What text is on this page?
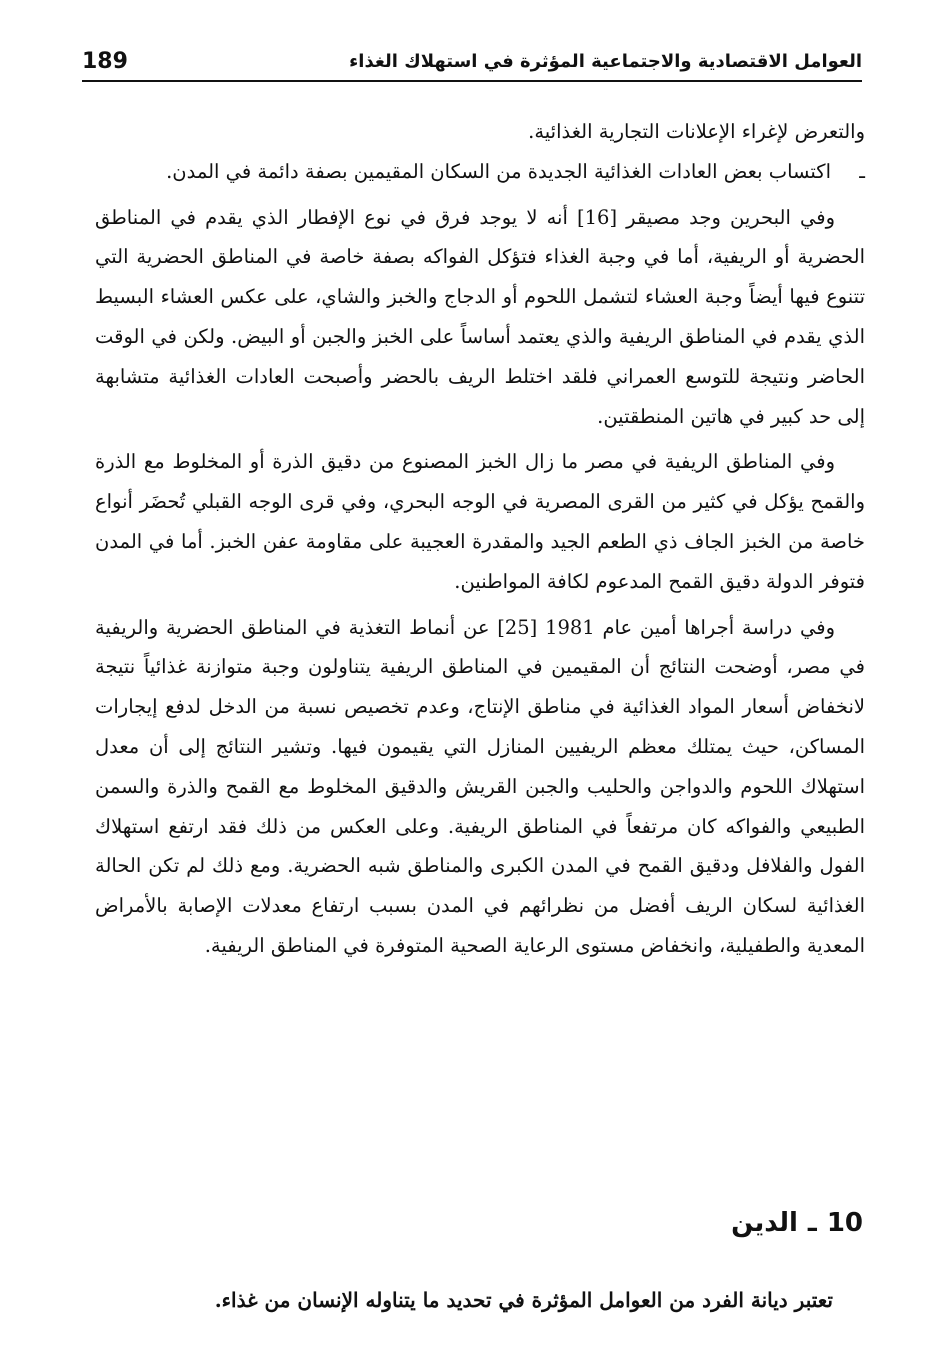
العوامل الاقتصادية والاجتماعية المؤثرة في استهلاك الغذاء
189

والتعرض لإغراء الإعلانات التجارية الغذائية.

ـاكتساب بعض العادات الغذائية الجديدة من السكان المقيمين بصفة دائمة في المدن.

وفي البحرين وجد مصيقر [16] أنه لا يوجد فرق في نوع الإفطار الذي يقدم في المناطق الحضرية أو الريفية، أما في وجبة الغذاء فتؤكل الفواكه بصفة خاصة في المناطق الحضرية التي تتنوع فيها أيضاً وجبة العشاء لتشمل اللحوم أو الدجاج والخبز والشاي، على عكس العشاء البسيط الذي يقدم في المناطق الريفية والذي يعتمد أساساً على الخبز والجبن أو البيض. ولكن في الوقت الحاضر ونتيجة للتوسع العمراني فلقد اختلط الريف بالحضر وأصبحت العادات الغذائية متشابهة إلى حد كبير في هاتين المنطقتين.

وفي المناطق الريفية في مصر ما زال الخبز المصنوع من دقيق الذرة أو المخلوط مع الذرة والقمح يؤكل في كثير من القرى المصرية في الوجه البحري، وفي قرى الوجه القبلي تُحضَر أنواع خاصة من الخبز الجاف ذي الطعم الجيد والمقدرة العجيبة على مقاومة عفن الخبز. أما في المدن فتوفر الدولة دقيق القمح المدعوم لكافة المواطنين.

وفي دراسة أجراها أمين عام 1981 [25] عن أنماط التغذية في المناطق الحضرية والريفية في مصر، أوضحت النتائج أن المقيمين في المناطق الريفية يتناولون وجبة متوازنة غذائياً نتيجة لانخفاض أسعار المواد الغذائية في مناطق الإنتاج، وعدم تخصيص نسبة من الدخل لدفع إيجارات المساكن، حيث يمتلك معظم الريفيين المنازل التي يقيمون فيها. وتشير النتائج إلى أن معدل استهلاك اللحوم والدواجن والحليب والجبن القريش والدقيق المخلوط مع القمح والذرة والسمن الطبيعي والفواكه كان مرتفعاً في المناطق الريفية. وعلى العكس من ذلك فقد ارتفع استهلاك الفول والفلافل ودقيق القمح في المدن الكبرى والمناطق شبه الحضرية. ومع ذلك لم تكن الحالة الغذائية لسكان الريف أفضل من نظرائهم في المدن بسبب ارتفاع معدلات الإصابة بالأمراض المعدية والطفيلية، وانخفاض مستوى الرعاية الصحية المتوفرة في المناطق الريفية.

10ـالدين

تعتبر ديانة الفرد من العوامل المؤثرة في تحديد ما يتناوله الإنسان من غذاء.
